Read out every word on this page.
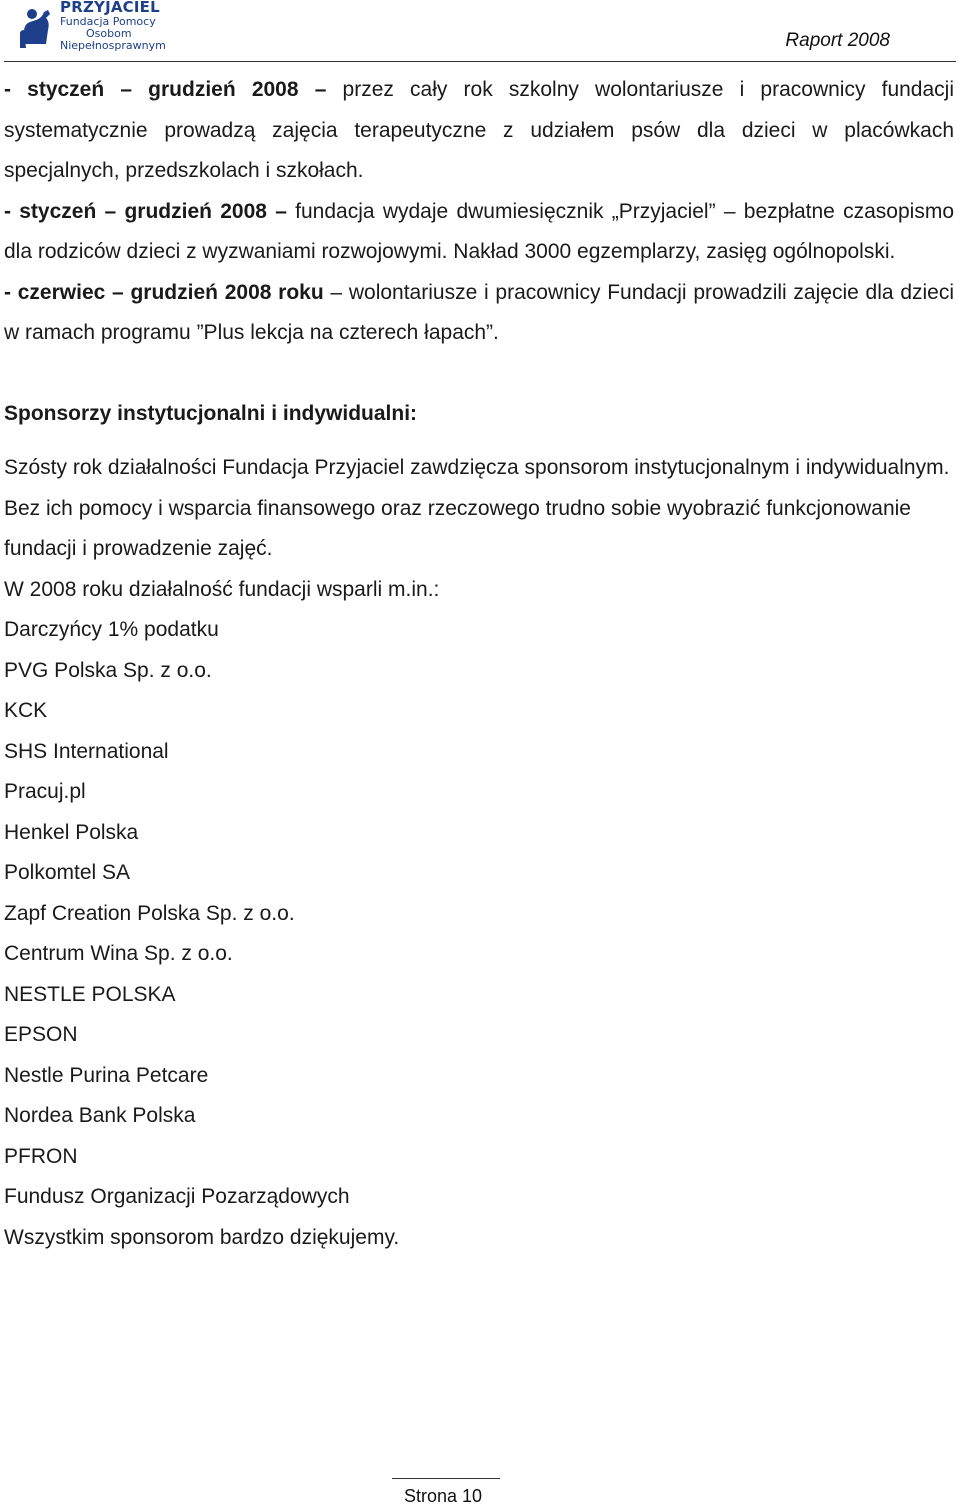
PRZYJACIEL
Fundacja Pomocy
Osobom
Niepełnosprawnym	Raport 2008

- styczeń – grudzień 2008 – przez cały rok szkolny wolontariusze i pracownicy fundacji systematycznie prowadzą zajęcia terapeutyczne z udziałem psów dla dzieci w placówkach specjalnych, przedszkolach i szkołach.

- styczeń – grudzień 2008 – fundacja wydaje dwumiesięcznik „Przyjaciel” – bezpłatne czasopismo dla rodziców dzieci z wyzwaniami rozwojowymi. Nakład 3000 egzemplarzy, zasięg ogólnopolski.

- czerwiec – grudzień 2008 roku – wolontariusze i pracownicy Fundacji prowadzili zajęcie dla dzieci w ramach programu ”Plus lekcja na czterech łapach”.

Sponsorzy instytucjonalni i indywidualni:

Szósty rok działalności Fundacja Przyjaciel zawdzięcza sponsorom instytucjonalnym i indywidualnym. Bez ich pomocy i wsparcia finansowego oraz rzeczowego trudno sobie wyobrazić funkcjonowanie fundacji i prowadzenie zajęć.

W 2008 roku działalność fundacji wsparli m.in.:

Darczyńcy 1% podatku
PVG Polska Sp. z o.o.
KCK
SHS International
Pracuj.pl
Henkel Polska
Polkomtel SA
Zapf Creation Polska Sp. z o.o.
Centrum Wina Sp. z o.o.
NESTLE POLSKA
EPSON
Nestle Purina Petcare
Nordea Bank Polska
PFRON
Fundusz Organizacji Pozarządowych

Wszystkim sponsorom bardzo dziękujemy.

Strona 10
